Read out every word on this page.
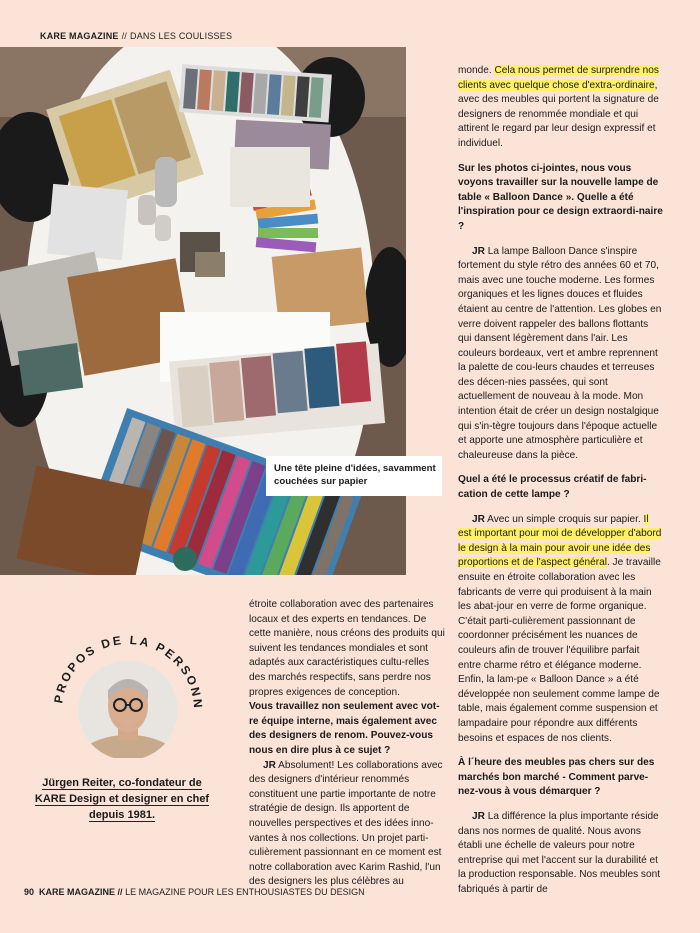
KARE MAGAZINE // DANS LES COULISSES
Une tête pleine d'idées, savamment couchées sur papier

monde. Cela nous permet de surprendre nos clients avec quelque chose d'extra-ordinaire, avec des meubles qui portent la signature de designers de renommée mondiale et qui attirent le regard par leur design expressif et individuel.

Sur les photos ci-jointes, nous vous voyons travailler sur la nouvelle lampe de table « Balloon Dance ». Quelle a été l'inspiration pour ce design extraordi-naire ?

JR La lampe Balloon Dance s'inspire fortement du style rétro des années 60 et 70, mais avec une touche moderne. Les formes organiques et les lignes douces et fluides étaient au centre de l'attention. Les globes en verre doivent rappeler des ballons flottants qui dansent légèrement dans l'air. Les couleurs bordeaux, vert et ambre reprennent la palette de cou-leurs chaudes et terreuses des décen-nies passées, qui sont actuellement de nouveau à la mode. Mon intention était de créer un design nostalgique qui s'in-tègre toujours dans l'époque actuelle et apporte une atmosphère particulière et chaleureuse dans la pièce.

Quel a été le processus créatif de fabri-cation de cette lampe ?

JR Avec un simple croquis sur papier. Il est important pour moi de développer d'abord le design à la main pour avoir une idée des proportions et de l'aspect général. Je travaille ensuite en étroite collaboration avec les fabricants de verre qui produisent à la main les abat-jour en verre de forme organique. C'était parti-culièrement passionnant de coordonner précisément les nuances de couleurs afin de trouver l'équilibre parfait entre charme rétro et élégance moderne. Enfin, la lam-pe « Balloon Dance » a été développée non seulement comme lampe de table, mais également comme suspension et lampadaire pour répondre aux différents besoins et espaces de nos clients.

À l´heure des meubles pas chers sur des marchés bon marché - Comment parve-nez-vous à vous démarquer ?

JR La différence la plus importante réside dans nos normes de qualité. Nous avons établi une échelle de valeurs pour notre entreprise qui met l'accent sur la durabilité et la production responsable. Nos meubles sont fabriqués à partir de

étroite collaboration avec des partenaires locaux et des experts en tendances. De cette manière, nous créons des produits qui suivent les tendances mondiales et sont adaptés aux caractéristiques cultu-relles des marchés respectifs, sans perdre nos propres exigences de conception.

Vous travaillez non seulement avec vot-re équipe interne, mais également avec des designers de renom. Pouvez-vous nous en dire plus à ce sujet ?

JR Absolument! Les collaborations avec des designers d'intérieur renommés constituent une partie importante de notre stratégie de design. Ils apportent de nouvelles perspectives et des idées inno-vantes à nos collections. Un projet parti-culièrement passionnant en ce moment est notre collaboration avec Karim Rashid, l'un des designers les plus célèbres au

PROPOS DE LA PERSONN
Jürgen Reiter, co-fondateur de KARE Design et designer en chef depuis 1981.
90 KARE MAGAZINE // LE MAGAZINE POUR LES ENTHOUSIASTES DU DESIGN
